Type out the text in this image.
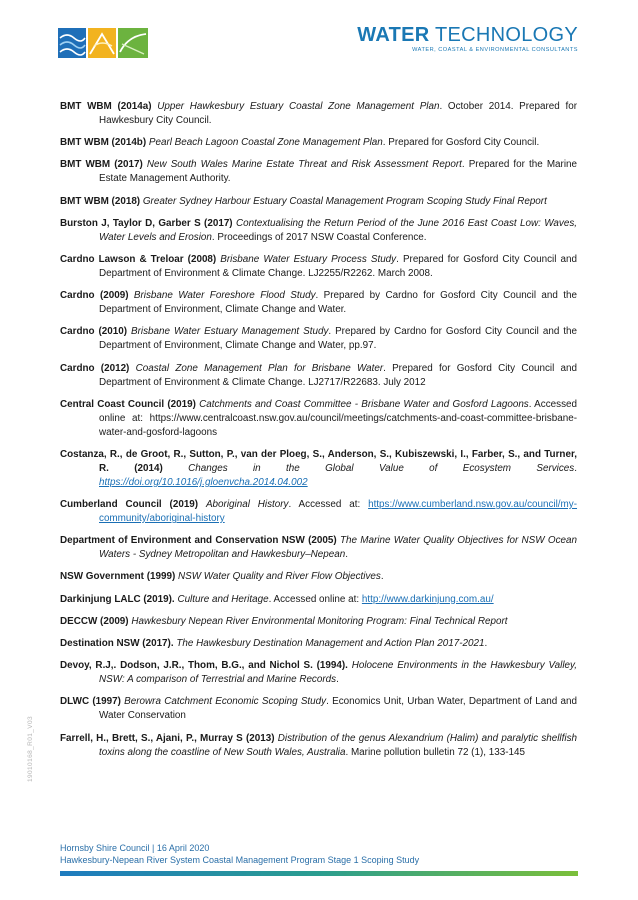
WATER TECHNOLOGY
WATER, COASTAL & ENVIRONMENTAL CONSULTANTS

BMT WBM (2014a) Upper Hawkesbury Estuary Coastal Zone Management Plan. October 2014. Prepared for Hawkesbury City Council.

BMT WBM (2014b) Pearl Beach Lagoon Coastal Zone Management Plan. Prepared for Gosford City Council.

BMT WBM (2017) New South Wales Marine Estate Threat and Risk Assessment Report. Prepared for the Marine Estate Management Authority.

BMT WBM (2018) Greater Sydney Harbour Estuary Coastal Management Program Scoping Study Final Report

Burston J, Taylor D, Garber S (2017) Contextualising the Return Period of the June 2016 East Coast Low: Waves, Water Levels and Erosion. Proceedings of 2017 NSW Coastal Conference.

Cardno Lawson & Treloar (2008) Brisbane Water Estuary Process Study. Prepared for Gosford City Council and Department of Environment & Climate Change. LJ2255/R2262. March 2008.

Cardno (2009) Brisbane Water Foreshore Flood Study. Prepared by Cardno for Gosford City Council and the Department of Environment, Climate Change and Water.

Cardno (2010) Brisbane Water Estuary Management Study. Prepared by Cardno for Gosford City Council and the Department of Environment, Climate Change and Water, pp.97.

Cardno (2012) Coastal Zone Management Plan for Brisbane Water. Prepared for Gosford City Council and Department of Environment & Climate Change. LJ2717/R22683. July 2012

Central Coast Council (2019) Catchments and Coast Committee - Brisbane Water and Gosford Lagoons. Accessed online at: https://www.centralcoast.nsw.gov.au/council/meetings/catchments-and-coast-committee-brisbane-water-and-gosford-lagoons

Costanza, R., de Groot, R., Sutton, P., van der Ploeg, S., Anderson, S., Kubiszewski, I., Farber, S., and Turner, R. (2014)	Changes in the Global Value of Ecosystem Services. https://doi.org/10.1016/j.gloenvcha.2014.04.002

Cumberland Council (2019) Aboriginal History. Accessed at: https://www.cumberland.nsw.gov.au/council/my-community/aboriginal-history

Department of Environment and Conservation NSW (2005) The Marine Water Quality Objectives for NSW Ocean Waters - Sydney Metropolitan and Hawkesbury–Nepean.

NSW Government (1999) NSW Water Quality and River Flow Objectives.

Darkinjung LALC (2019). Culture and Heritage. Accessed online at: http://www.darkinjung.com.au/

DECCW (2009) Hawkesbury Nepean River Environmental Monitoring Program: Final Technical Report

Destination NSW (2017). The Hawkesbury Destination Management and Action Plan 2017-2021.

Devoy, R.J,. Dodson, J.R., Thom, B.G., and Nichol S. (1994). Holocene Environments in the Hawkesbury Valley, NSW: A comparison of Terrestrial and Marine Records.

DLWC (1997) Berowra Catchment Economic Scoping Study. Economics Unit, Urban Water, Department of Land and Water Conservation

Farrell, H., Brett, S., Ajani, P., Murray S (2013) Distribution of the genus Alexandrium (Halim) and paralytic shellfish toxins along the coastline of New South Wales, Australia. Marine pollution bulletin 72 (1), 133-145

19010168_R01_V03
Hornsby Shire Council | 16 April 2020
Hawkesbury-Nepean River System Coastal Management Program Stage 1 Scoping Study
